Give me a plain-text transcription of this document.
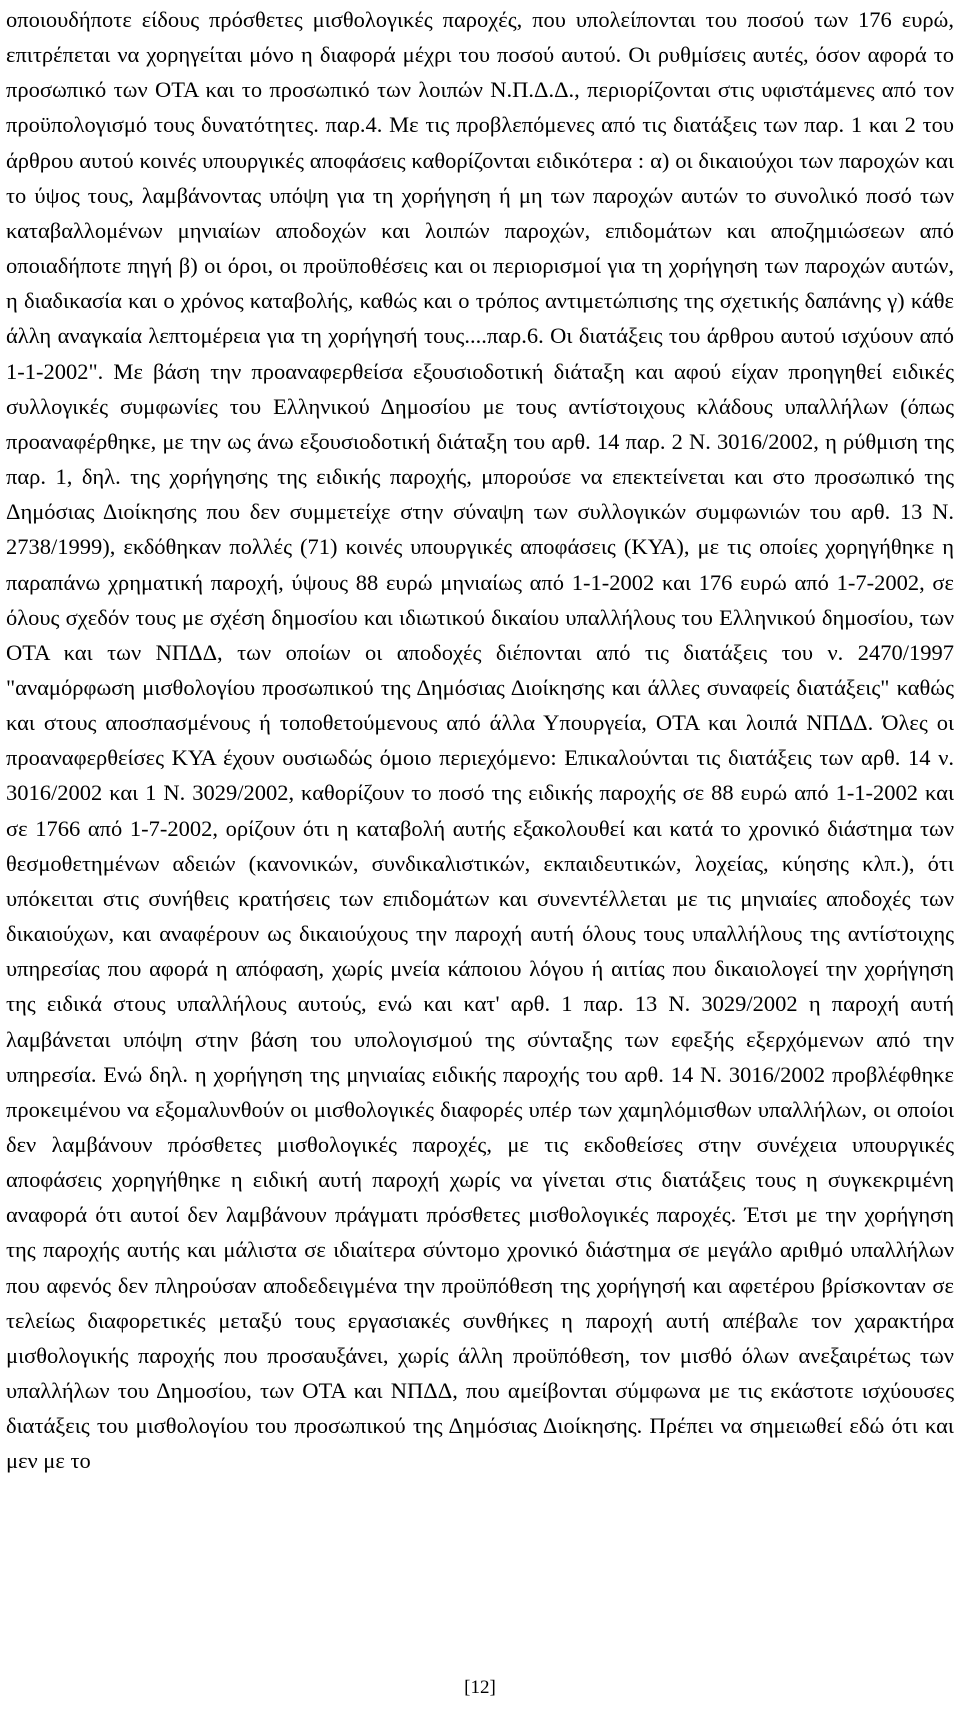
οποιουδήποτε είδους πρόσθετες μισθολογικές παροχές, που υπολείπονται του ποσού των 176 ευρώ, επιτρέπεται να χορηγείται μόνο η διαφορά μέχρι του ποσού αυτού. Οι ρυθμίσεις αυτές, όσον αφορά το προσωπικό των ΟΤΑ και το προσωπικό των λοιπών Ν.Π.Δ.Δ., περιορίζονται στις υφιστάμενες από τον προϋπολογισμό τους δυνατότητες. παρ.4. Με τις προβλεπόμενες από τις διατάξεις των παρ. 1 και 2 του άρθρου αυτού κοινές υπουργικές αποφάσεις καθορίζονται ειδικότερα : α) οι δικαιούχοι των παροχών και το ύψος τους, λαμβάνοντας υπόψη για τη χορήγηση ή μη των παροχών αυτών το συνολικό ποσό των καταβαλλομένων μηνιαίων αποδοχών και λοιπών παροχών, επιδομάτων και αποζημιώσεων από οποιαδήποτε πηγή β) οι όροι, οι προϋποθέσεις και οι περιορισμοί για τη χορήγηση των παροχών αυτών, η διαδικασία και ο χρόνος καταβολής, καθώς και ο τρόπος αντιμετώπισης της σχετικής δαπάνης γ) κάθε άλλη αναγκαία λεπτομέρεια για τη χορήγησή τους....παρ.6. Οι διατάξεις του άρθρου αυτού ισχύουν από 1-1-2002". Με βάση την προαναφερθείσα εξουσιοδοτική διάταξη και αφού είχαν προηγηθεί ειδικές συλλογικές συμφωνίες του Ελληνικού Δημοσίου με τους αντίστοιχους κλάδους υπαλλήλων (όπως προαναφέρθηκε, με την ως άνω εξουσιοδοτική διάταξη του αρθ. 14 παρ. 2 Ν. 3016/2002, η ρύθμιση της παρ. 1, δηλ. της χορήγησης της ειδικής παροχής, μπορούσε να επεκτείνεται και στο προσωπικό της Δημόσιας Διοίκησης που δεν συμμετείχε στην σύναψη των συλλογικών συμφωνιών του αρθ. 13 Ν. 2738/1999), εκδόθηκαν πολλές (71) κοινές υπουργικές αποφάσεις (ΚΥΑ), με τις οποίες χορηγήθηκε η παραπάνω χρηματική παροχή, ύψους 88 ευρώ μηνιαίως από 1-1-2002 και 176 ευρώ από 1-7-2002, σε όλους σχεδόν τους με σχέση δημοσίου και ιδιωτικού δικαίου υπαλλήλους του Ελληνικού δημοσίου, των ΟΤΑ και των ΝΠΔΔ, των οποίων οι αποδοχές διέπονται από τις διατάξεις του ν. 2470/1997 "αναμόρφωση μισθολογίου προσωπικού της Δημόσιας Διοίκησης και άλλες συναφείς διατάξεις" καθώς και στους αποσπασμένους ή τοποθετούμενους από άλλα Υπουργεία, ΟΤΑ και λοιπά ΝΠΔΔ. Όλες οι προαναφερθείσες ΚΥΑ έχουν ουσιωδώς όμοιο περιεχόμενο: Επικαλούνται τις διατάξεις των αρθ. 14 ν. 3016/2002 και 1 Ν. 3029/2002, καθορίζουν το ποσό της ειδικής παροχής σε 88 ευρώ από 1-1-2002 και σε 1766 από 1-7-2002, ορίζουν ότι η καταβολή αυτής εξακολουθεί και κατά το χρονικό διάστημα των θεσμοθετημένων αδειών (κανονικών, συνδικαλιστικών, εκπαιδευτικών, λοχείας, κύησης κλπ.), ότι υπόκειται στις συνήθεις κρατήσεις των επιδομάτων και συνεντέλλεται με τις μηνιαίες αποδοχές των δικαιούχων, και αναφέρουν ως δικαιούχους την παροχή αυτή όλους τους υπαλλήλους της αντίστοιχης υπηρεσίας που αφορά η απόφαση, χωρίς μνεία κάποιου λόγου ή αιτίας που δικαιολογεί την χορήγηση της ειδικά στους υπαλλήλους αυτούς, ενώ και κατ' αρθ. 1 παρ. 13 Ν. 3029/2002 η παροχή αυτή λαμβάνεται υπόψη στην βάση του υπολογισμού της σύνταξης των εφεξής εξερχόμενων από την υπηρεσία. Ενώ δηλ. η χορήγηση της μηνιαίας ειδικής παροχής του αρθ. 14 Ν. 3016/2002 προβλέφθηκε προκειμένου να εξομαλυνθούν οι μισθολογικές διαφορές υπέρ των χαμηλόμισθων υπαλλήλων, οι οποίοι δεν λαμβάνουν πρόσθετες μισθολογικές παροχές, με τις εκδοθείσες στην συνέχεια υπουργικές αποφάσεις χορηγήθηκε η ειδική αυτή παροχή χωρίς να γίνεται στις διατάξεις τους η συγκεκριμένη αναφορά ότι αυτοί δεν λαμβάνουν πράγματι πρόσθετες μισθολογικές παροχές. Έτσι με την χορήγηση της παροχής αυτής και μάλιστα σε ιδιαίτερα σύντομο χρονικό διάστημα σε μεγάλο αριθμό υπαλλήλων που αφενός δεν πληρούσαν αποδεδειγμένα την προϋπόθεση της χορήγησή και αφετέρου βρίσκονταν σε τελείως διαφορετικές μεταξύ τους εργασιακές συνθήκες η παροχή αυτή απέβαλε τον χαρακτήρα μισθολογικής παροχής που προσαυξάνει, χωρίς άλλη προϋπόθεση, τον μισθό όλων ανεξαιρέτως των υπαλλήλων του Δημοσίου, των ΟΤΑ και ΝΠΔΔ, που αμείβονται σύμφωνα με τις εκάστοτε ισχύουσες διατάξεις του μισθολογίου του προσωπικού της Δημόσιας Διοίκησης. Πρέπει να σημειωθεί εδώ ότι και μεν με το

[12]
